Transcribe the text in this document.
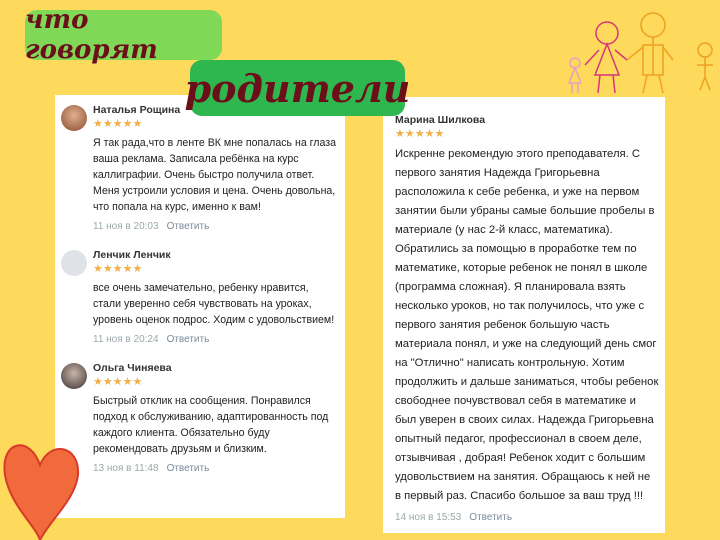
что говорят
родители
Наталья Рощина
★★★★★
Я так рада,что в ленте ВК мне попалась на глаза ваша реклама. Записала ребёнка на курс каллиграфии. Очень быстро получила ответ. Меня устроили условия и цена. Очень довольна, что попала на курс, именно к вам!
11 ноя в 20:03 Ответить
Ленчик Ленчик
★★★★★
все очень замечательно, ребенку нравится, стали уверенно себя чувствовать на уроках, уровень оценок подрос. Ходим с удовольствием!
11 ноя в 20:24 Ответить
Ольга Чиняева
★★★★★
Быстрый отклик на сообщения. Понравился подход к обслуживанию, адаптированность под каждого клиента. Обязательно буду рекомендовать друзьям и близким.
13 ноя в 11:48 Ответить
Марина Шилкова
★★★★★
Искренне рекомендую этого преподавателя. С первого занятия Надежда Григорьевна расположила к себе ребенка, и уже на первом занятии были убраны самые большие пробелы в материале (у нас 2-й класс, математика). Обратились за помощью в проработке тем по математике, которые ребенок не понял в школе (программа сложная). Я планировала взять несколько уроков, но так получилось, что уже с первого занятия ребенок большую часть материала понял, и уже на следующий день смог на "Отлично" написать контрольную. Хотим продолжить и дальше заниматься, чтобы ребенок свободнее почувствовал себя в математике и был уверен в своих силах. Надежда Григорьевна опытный педагог, профессионал в своем деле, отзывчивая , добрая! Ребенок ходит с большим удовольствием на занятия. Обращаюсь к ней не в первый раз. Спасибо большое за ваш труд !!!
14 ноя в 15:53 Ответить	Avito
